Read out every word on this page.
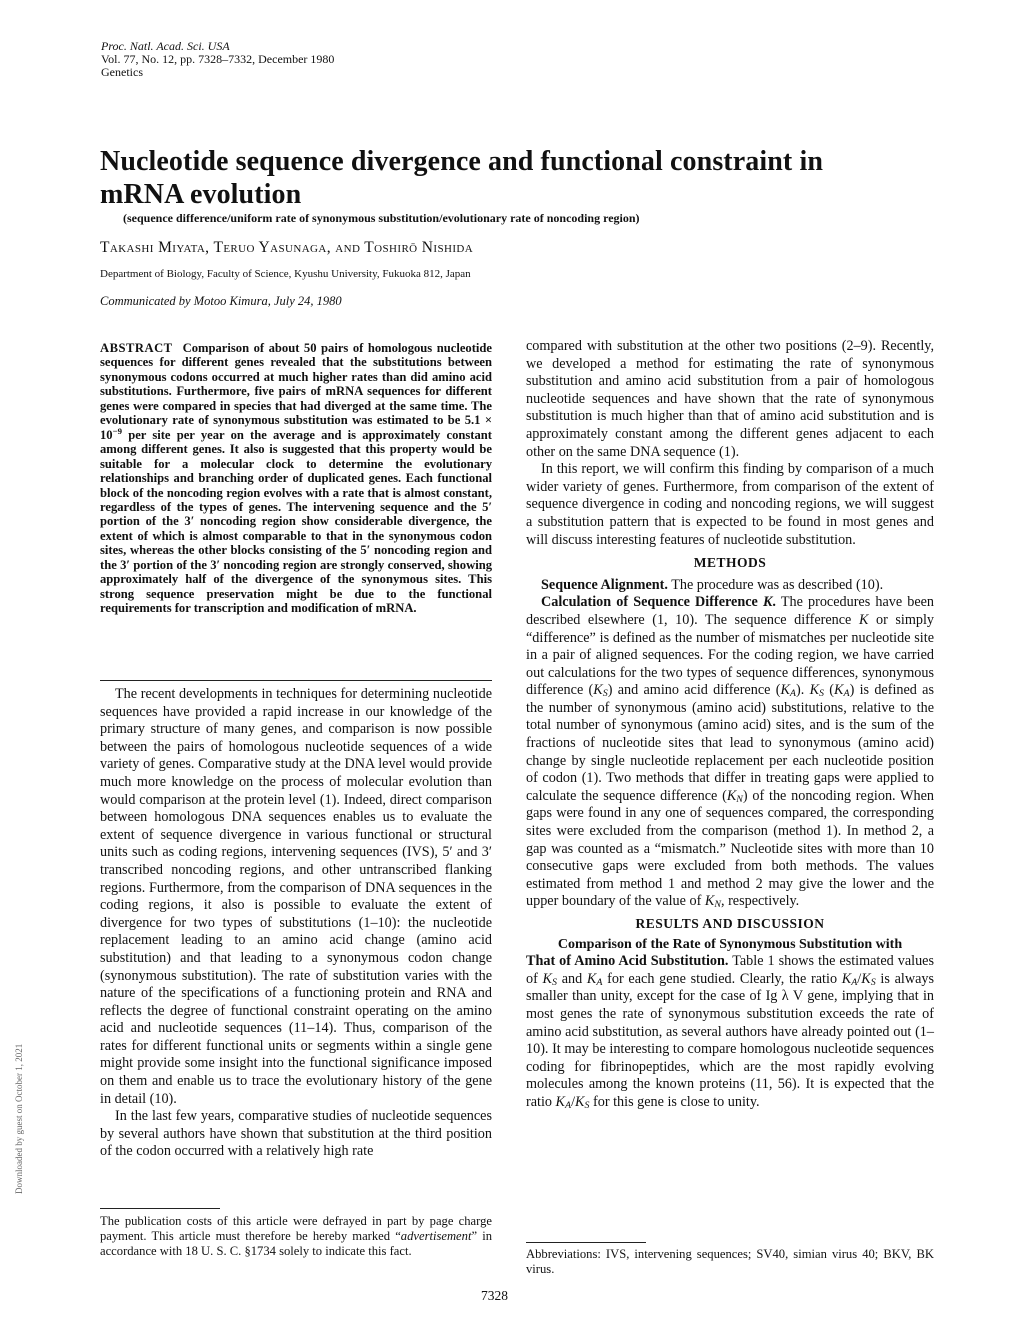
Proc. Natl. Acad. Sci. USA
Vol. 77, No. 12, pp. 7328–7332, December 1980
Genetics
Nucleotide sequence divergence and functional constraint in
mRNA evolution
(sequence difference/uniform rate of synonymous substitution/evolutionary rate of noncoding region)
Takashi Miyata, Teruo Yasunaga, and Toshirō Nishida
Department of Biology, Faculty of Science, Kyushu University, Fukuoka 812, Japan
Communicated by Motoo Kimura, July 24, 1980
ABSTRACT Comparison of about 50 pairs of homologous nucleotide sequences for different genes revealed that the substitutions between synonymous codons occurred at much higher rates than did amino acid substitutions. Furthermore, five pairs of mRNA sequences for different genes were compared in species that had diverged at the same time. The evolutionary rate of synonymous substitution was estimated to be $5.1 \times 10^{-9}$ per site per year on the average and is approximately constant among different genes. It also is suggested that this property would be suitable for a molecular clock to determine the evolutionary relationships and branching order of duplicated genes. Each functional block of the noncoding region evolves with a rate that is almost constant, regardless of the types of genes. The intervening sequence and the 5′ portion of the 3′ noncoding region show considerable divergence, the extent of which is almost comparable to that in the synonymous codon sites, whereas the other blocks consisting of the 5′ noncoding region and the 3′ portion of the 3′ noncoding region are strongly conserved, showing approximately half of the divergence of the synonymous sites. This strong sequence preservation might be due to the functional requirements for transcription and modification of mRNA.

The recent developments in techniques for determining nucleotide sequences have provided a rapid increase in our knowledge of the primary structure of many genes, and comparison is now possible between the pairs of homologous nucleotide sequences of a wide variety of genes. Comparative study at the DNA level would provide much more knowledge on the process of molecular evolution than would comparison at the protein level (1). Indeed, direct comparison between homologous DNA sequences enables us to evaluate the extent of sequence divergence in various functional or structural units such as coding regions, intervening sequences (IVS), 5′ and 3′ transcribed noncoding regions, and other untranscribed flanking regions. Furthermore, from the comparison of DNA sequences in the coding regions, it also is possible to evaluate the extent of divergence for two types of substitutions (1–10): the nucleotide replacement leading to an amino acid change (amino acid substitution) and that leading to a synonymous codon change (synonymous substitution). The rate of substitution varies with the nature of the specifications of a functioning protein and RNA and reflects the degree of functional constraint operating on the amino acid and nucleotide sequences (11–14). Thus, comparison of the rates for different functional units or segments within a single gene might provide some insight into the functional significance imposed on them and enable us to trace the evolutionary history of the gene in detail (10).

In the last few years, comparative studies of nucleotide sequences by several authors have shown that substitution at the third position of the codon occurred with a relatively high rate

The publication costs of this article were defrayed in part by page charge payment. This article must therefore be hereby marked “advertisement” in accordance with 18 U. S. C. §1734 solely to indicate this fact.

compared with substitution at the other two positions (2–9). Recently, we developed a method for estimating the rate of synonymous substitution and amino acid substitution from a pair of homologous nucleotide sequences and have shown that the rate of synonymous substitution is much higher than that of amino acid substitution and is approximately constant among the different genes adjacent to each other on the same DNA sequence (1).

In this report, we will confirm this finding by comparison of a much wider variety of genes. Furthermore, from comparison of the extent of sequence divergence in coding and noncoding regions, we will suggest a substitution pattern that is expected to be found in most genes and will discuss interesting features of nucleotide substitution.

METHODS

Sequence Alignment. The procedure was as described (10).

Calculation of Sequence Difference K. The procedures have been described elsewhere (1, 10). The sequence difference K or simply “difference” is defined as the number of mismatches per nucleotide site in a pair of aligned sequences. For the coding region, we have carried out calculations for the two types of sequence differences, synonymous difference $(K_S)$ and amino acid difference $(K_A)$. $K_S$ $(K_A)$ is defined as the number of synonymous (amino acid) substitutions, relative to the total number of synonymous (amino acid) sites, and is the sum of the fractions of nucleotide sites that lead to synonymous (amino acid) change by single nucleotide replacement per each nucleotide position of codon (1). Two methods that differ in treating gaps were applied to calculate the sequence difference $(K_N)$ of the noncoding region. When gaps were found in any one of sequences compared, the corresponding sites were excluded from the comparison (method 1). In method 2, a gap was counted as a “mismatch.” Nucleotide sites with more than 10 consecutive gaps were excluded from both methods. The values estimated from method 1 and method 2 may give the lower and the upper boundary of the value of $K_N$, respectively.

RESULTS AND DISCUSSION
Comparison of the Rate of Synonymous Substitution with

That of Amino Acid Substitution. Table 1 shows the estimated values of $K_S$ and $K_A$ for each gene studied. Clearly, the ratio $K_A/K_S$ is always smaller than unity, except for the case of Ig λ V gene, implying that in most genes the rate of synonymous substitution exceeds the rate of amino acid substitution, as several authors have already pointed out (1–10). It may be interesting to compare homologous nucleotide sequences coding for fibrinopeptides, which are the most rapidly evolving molecules among the known proteins (11, 56). It is expected that the ratio $K_A/K_S$ for this gene is close to unity.

Abbreviations: IVS, intervening sequences; SV40, simian virus 40; BKV, BK virus.
7328
Downloaded by guest on October 1, 2021
